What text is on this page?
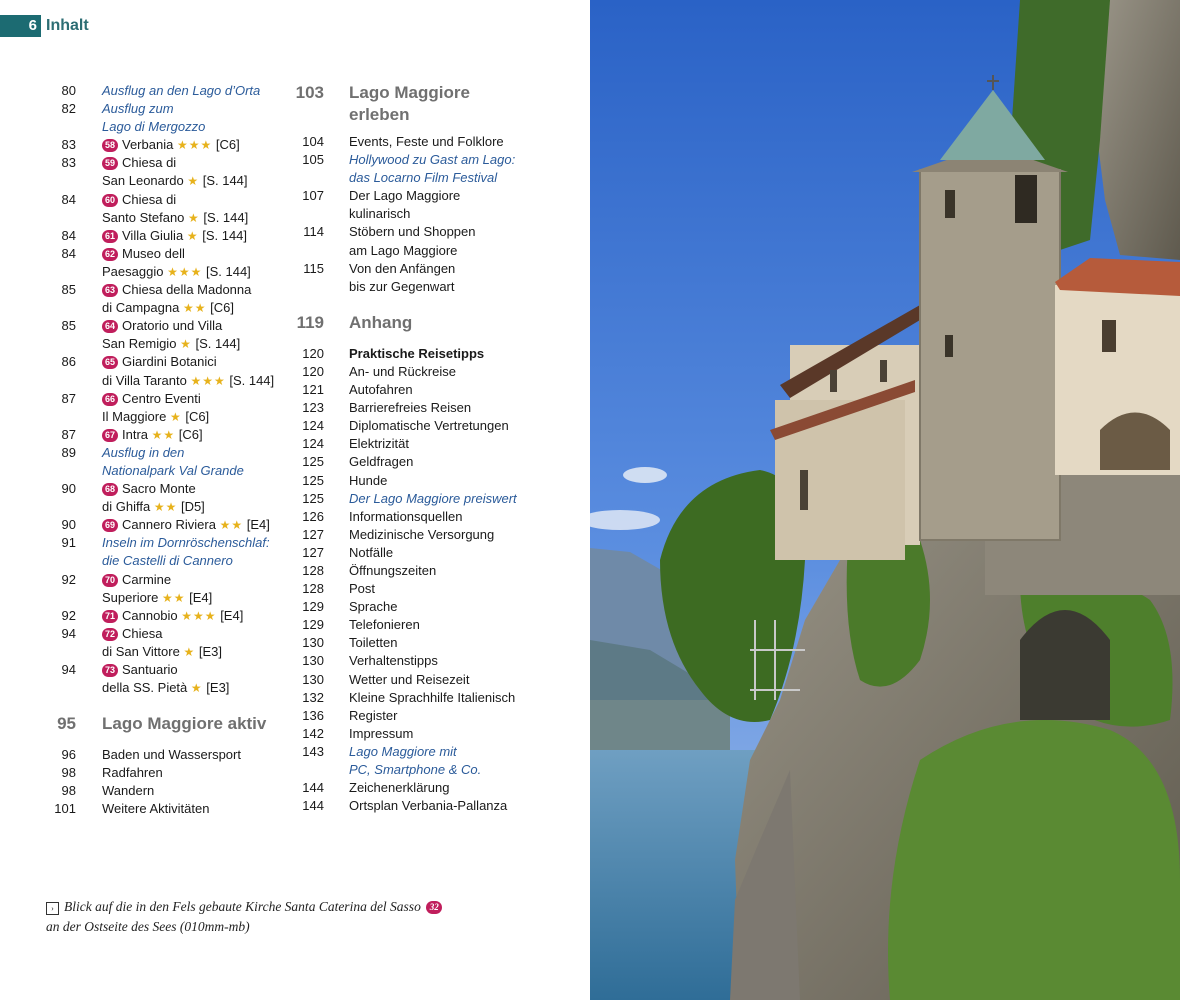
6 Inhalt
80 Ausflug an den Lago d’Orta
82 Ausflug zum
Lago di Mergozzo
83	58 Verbania ★★★ [C6]
83	59 Chiesa di
San Leonardo ★ [S. 144]
84	60 Chiesa di
Santo Stefano ★ [S. 144]
84	61 Villa Giulia ★ [S. 144]
84	62 Museo dell
Paesaggio ★★★ [S. 144]
85	63 Chiesa della Madonna
di Campagna ★★ [C6]
85	64 Oratorio und Villa
San Remigio ★ [S. 144]
86	65 Giardini Botanici
di Villa Taranto ★★★ [S. 144]
87	66 Centro Eventi
Il Maggiore ★ [C6]
87	67 Intra ★★ [C6]
89 Ausflug in den
Nationalpark Val Grande
90	68 Sacro Monte
di Ghiffa ★★ [D5]
90	69 Cannero Riviera ★★ [E4]
91 Inseln im Dornröschenschlaf:
die Castelli di Cannero
92	70 Carmine
Superiore ★★ [E4]
92	71 Cannobio ★★★ [E4]
94	72 Chiesa
di San Vittore ★ [E3]
94	73 Santuario
della SS. Pietà ★ [E3]
95 Lago Maggiore aktiv
96 Baden und Wassersport
98 Radfahren
98 Wandern
101 Weitere Aktivitäten
103 Lago Maggiore
erleben
104 Events, Feste und Folklore
105 Hollywood zu Gast am Lago:
das Locarno Film Festival
107 Der Lago Maggiore
kulinarisch
114 Stöbern und Shoppen
am Lago Maggiore
115 Von den Anfängen
bis zur Gegenwart
119 Anhang
120 Praktische Reisetipps
120 An- und Rückreise
121 Autofahren
123 Barrierefreies Reisen
124 Diplomatische Vertretungen
124 Elektrizität
125 Geldfragen
125 Hunde
125 Der Lago Maggiore preiswert
126 Informationsquellen
127 Medizinische Versorgung
127 Notfälle
128 Öffnungszeiten
128 Post
129 Sprache
129 Telefonieren
130 Toiletten
130 Verhaltenstipps
130 Wetter und Reisezeit
132 Kleine Sprachhilfe Italienisch
136 Register
142 Impressum
143 Lago Maggiore mit
PC, Smartphone & Co.
144 Zeichenerklärung
144 Ortsplan Verbania-Pallanza
› Blick auf die in den Fels gebaute Kirche Santa Caterina del Sasso 32
an der Ostseite des Sees (010mm-mb)
